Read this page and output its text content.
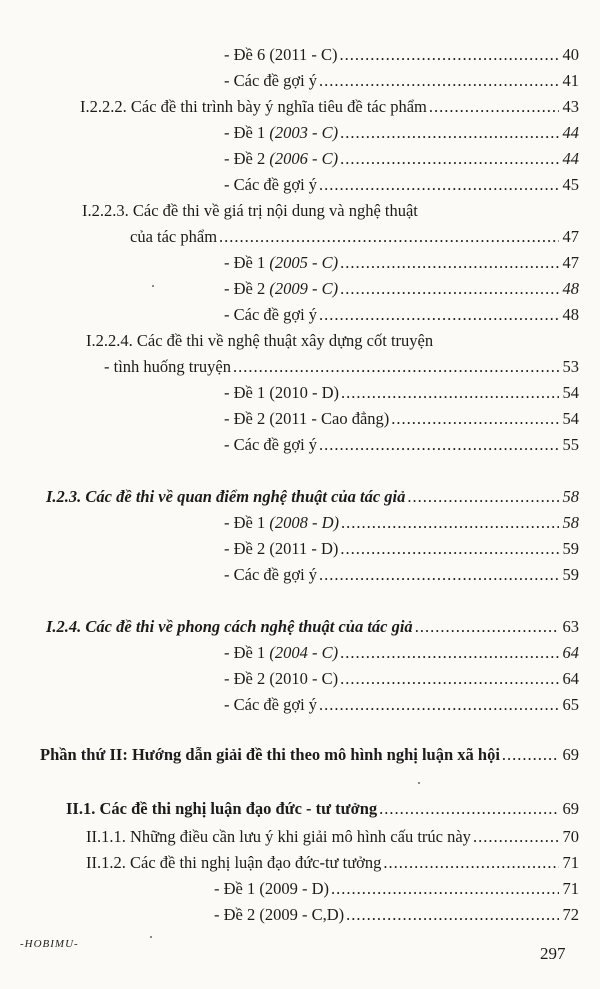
- Đề 6 (2011 - C) .....	40
- Các đề gợi ý .....	41
I.2.2.2. Các đề thi trình bày ý nghĩa tiêu đề tác phẩm .....	43
- Đề 1 (2003 - C) .....	44
- Đề 2 (2006 - C) .....	44
- Các đề gợi ý .....	45
I.2.2.3. Các đề thi về giá trị nội dung và nghệ thuật
của tác phẩm .....	47
- Đề 1 (2005 - C) .....	47
- Đề 2 (2009 - C) .....	48
- Các đề gợi ý .....	48
I.2.2.4. Các đề thi về nghệ thuật xây dựng cốt truyện
- tình huống truyện .....	53
- Đề 1 (2010 - D) .....	54
- Đề 2 (2011 - Cao đẳng) .....	54
- Các đề gợi ý .....	55
I.2.3. Các đề thi về quan điểm nghệ thuật của tác giả .....	58
- Đề 1 (2008 - D) .....	58
- Đề 2 (2011 - D) .....	59
- Các đề gợi ý .....	59
I.2.4. Các đề thi về phong cách nghệ thuật của tác giả .....	63
- Đề 1 (2004 - C) .....	64
- Đề 2 (2010 - C) .....	64
- Các đề gợi ý .....	65
Phần thứ II: Hướng dẫn giải đề thi theo mô hình nghị luận xã hội .....	69
II.1. Các đề thi nghị luận đạo đức - tư tưởng .....	69
II.1.1. Những điều cần lưu ý khi giải mô hình cấu trúc này .....	70
II.1.2. Các đề thi nghị luận đạo đức-tư tưởng .....	71
- Đề 1 (2009 - D) .....	71
- Đề 2 (2009 - C,D) .....	72
-HOBIMU-	297
